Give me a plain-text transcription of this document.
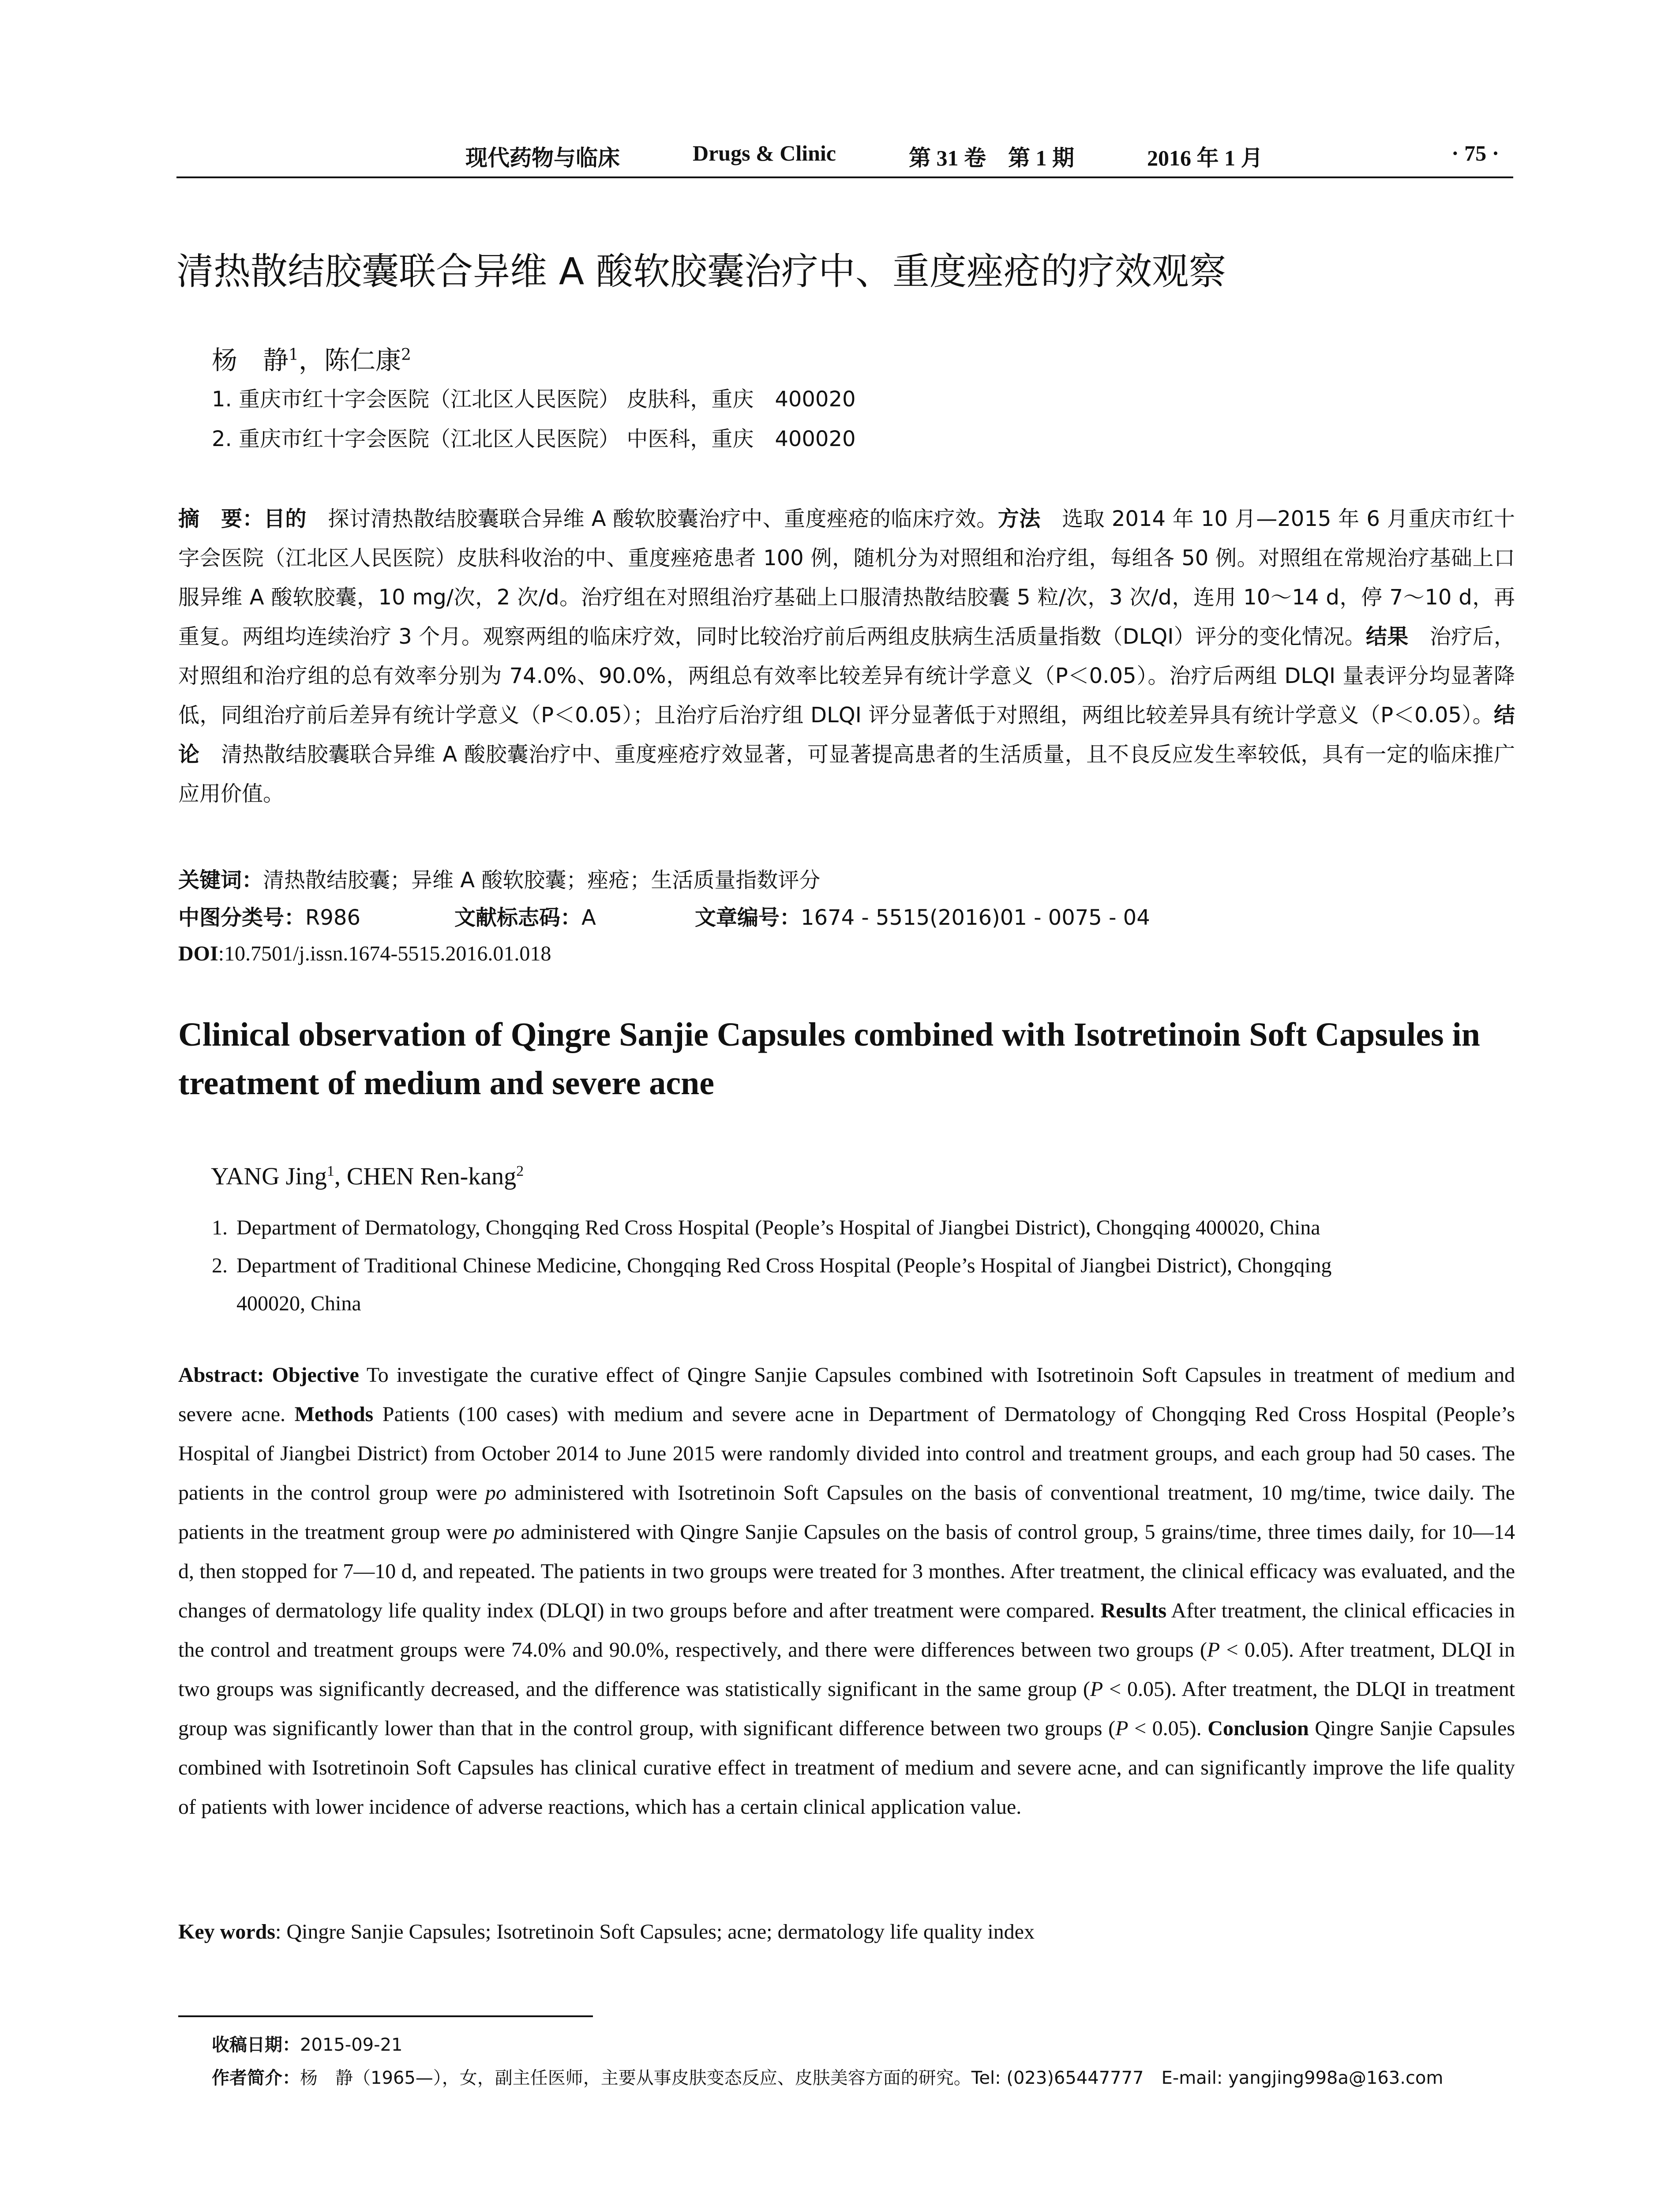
现代药物与临床	Drugs & Clinic	第 31 卷　第 1 期	2016 年 1 月	· 75 ·
清热散结胶囊联合异维 A 酸软胶囊治疗中、重度痤疮的疗效观察
杨　静$^1$，陈仁康$^2$
1. 重庆市红十字会医院（江北区人民医院） 皮肤科，重庆　400020
2. 重庆市红十字会医院（江北区人民医院） 中医科，重庆　400020
摘　要：目的　探讨清热散结胶囊联合异维 A 酸软胶囊治疗中、重度痤疮的临床疗效。方法　选取 2014 年 10 月—2015 年 6 月重庆市红十字会医院（江北区人民医院）皮肤科收治的中、重度痤疮患者 100 例，随机分为对照组和治疗组，每组各 50 例。对照组在常规治疗基础上口服异维 A 酸软胶囊，10 mg/次，2 次/d。治疗组在对照组治疗基础上口服清热散结胶囊 5 粒/次，3 次/d，连用 10～14 d，停 7～10 d，再重复。两组均连续治疗 3 个月。观察两组的临床疗效，同时比较治疗前后两组皮肤病生活质量指数（DLQI）评分的变化情况。结果　治疗后，对照组和治疗组的总有效率分别为 74.0%、90.0%，两组总有效率比较差异有统计学意义（P＜0.05）。治疗后两组 DLQI 量表评分均显著降低，同组治疗前后差异有统计学意义（P＜0.05）；且治疗后治疗组 DLQI 评分显著低于对照组，两组比较差异具有统计学意义（P＜0.05）。结论　清热散结胶囊联合异维 A 酸胶囊治疗中、重度痤疮疗效显著，可显著提高患者的生活质量，且不良反应发生率较低，具有一定的临床推广应用价值。
关键词：清热散结胶囊；异维 A 酸软胶囊；痤疮；生活质量指数评分
中图分类号：R986	文献标志码：A	文章编号：1674 - 5515(2016)01 - 0075 - 04
DOI:10.7501/j.issn.1674-5515.2016.01.018
Clinical observation of Qingre Sanjie Capsules combined with Isotretinoin Soft Capsules in treatment of medium and severe acne
YANG Jing$^1$, CHEN Ren-kang$^2$
1. Department of Dermatology, Chongqing Red Cross Hospital (People’s Hospital of Jiangbei District), Chongqing 400020, China
2. Department of Traditional Chinese Medicine, Chongqing Red Cross Hospital (People’s Hospital of Jiangbei District), Chongqing
400020, China
Abstract: Objective To investigate the curative effect of Qingre Sanjie Capsules combined with Isotretinoin Soft Capsules in treatment of medium and severe acne. Methods Patients (100 cases) with medium and severe acne in Department of Dermatology of Chongqing Red Cross Hospital (People’s Hospital of Jiangbei District) from October 2014 to June 2015 were randomly divided into control and treatment groups, and each group had 50 cases. The patients in the control group were po administered with Isotretinoin Soft Capsules on the basis of conventional treatment, 10 mg/time, twice daily. The patients in the treatment group were po administered with Qingre Sanjie Capsules on the basis of control group, 5 grains/time, three times daily, for 10—14 d, then stopped for 7—10 d, and repeated. The patients in two groups were treated for 3 monthes. After treatment, the clinical efficacy was evaluated, and the changes of dermatology life quality index (DLQI) in two groups before and after treatment were compared. Results After treatment, the clinical efficacies in the control and treatment groups were 74.0% and 90.0%, respectively, and there were differences between two groups (P < 0.05). After treatment, DLQI in two groups was significantly decreased, and the difference was statistically significant in the same group (P < 0.05). After treatment, the DLQI in treatment group was significantly lower than that in the control group, with significant difference between two groups (P < 0.05). Conclusion Qingre Sanjie Capsules combined with Isotretinoin Soft Capsules has clinical curative effect in treatment of medium and severe acne, and can significantly improve the life quality of patients with lower incidence of adverse reactions, which has a certain clinical application value.
Key words: Qingre Sanjie Capsules; Isotretinoin Soft Capsules; acne; dermatology life quality index
收稿日期：2015-09-21
作者简介：杨　静（1965—），女，副主任医师，主要从事皮肤变态反应、皮肤美容方面的研究。Tel: (023)65447777　E-mail: yangjing998a@163.com
